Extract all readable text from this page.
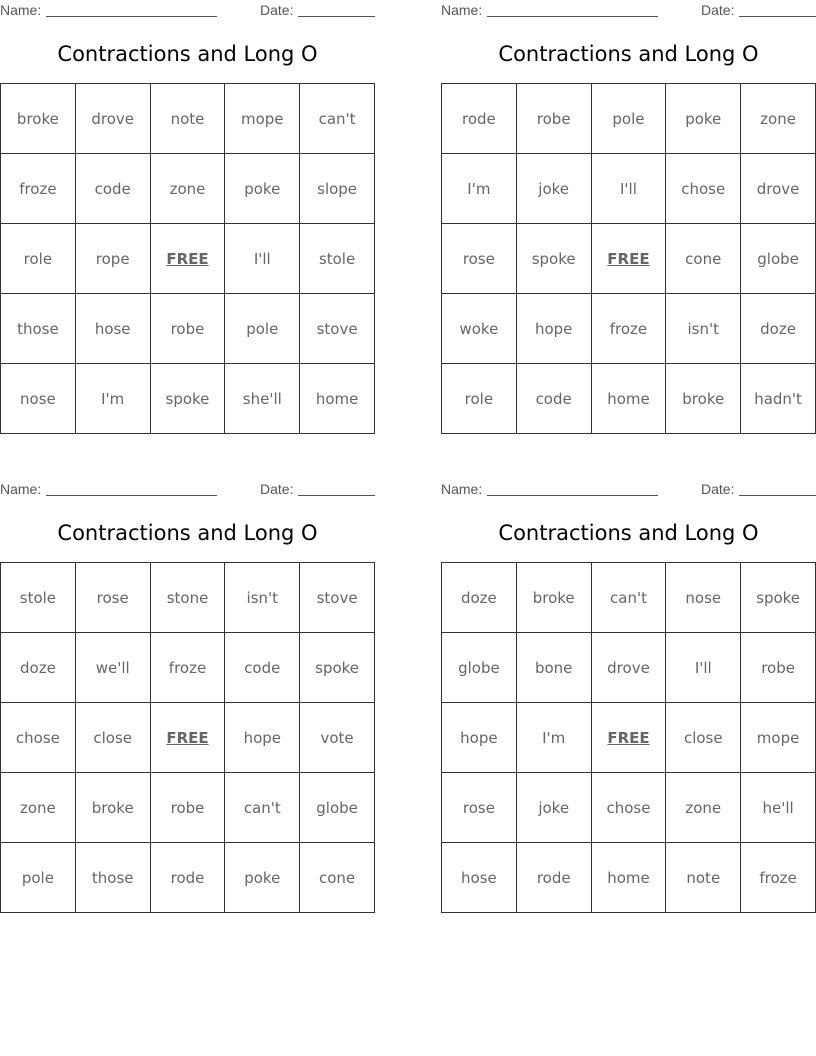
Name:	Date:
Contractions and Long O
broke	drove	note	mope	can't
froze	code	zone	poke	slope
role	rope	FREE	I'll	stole
those	hose	robe	pole	stove
nose	I'm	spoke	she'll	home
Name:	Date:
Contractions and Long O
rode	robe	pole	poke	zone
I'm	joke	I'll	chose	drove
rose	spoke	FREE	cone	globe
woke	hope	froze	isn't	doze
role	code	home	broke	hadn't
Name:	Date:
Contractions and Long O
stole	rose	stone	isn't	stove
doze	we'll	froze	code	spoke
chose	close	FREE	hope	vote
zone	broke	robe	can't	globe
pole	those	rode	poke	cone
Name:	Date:
Contractions and Long O
doze	broke	can't	nose	spoke
globe	bone	drove	I'll	robe
hope	I'm	FREE	close	mope
rose	joke	chose	zone	he'll
hose	rode	home	note	froze
